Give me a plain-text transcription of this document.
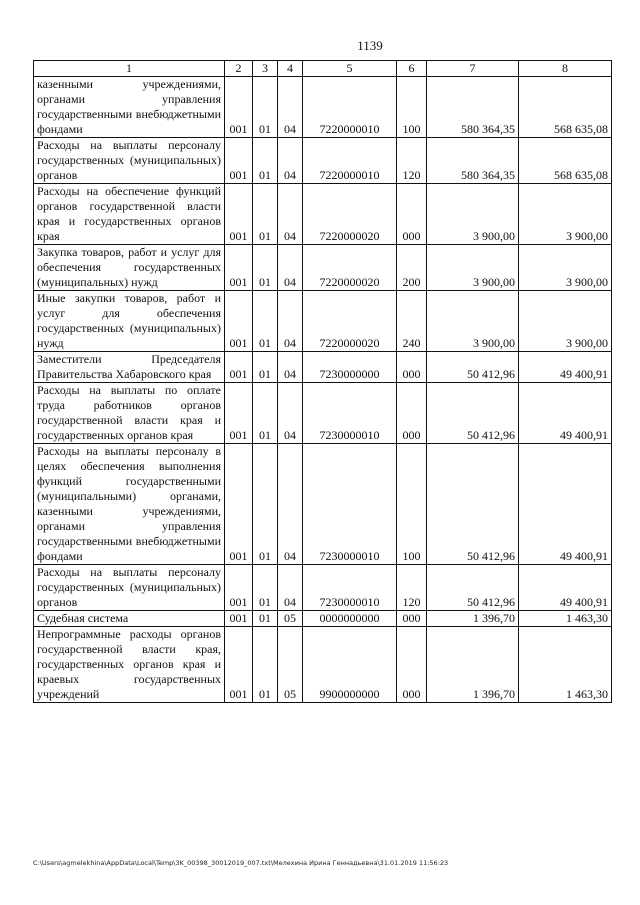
1139
1	2	3	4	5	6	7	8
казенными учреждениями, органами управления государственными внебюджетными фондами	001	01	04	7220000010	100	580 364,35	568 635,08
Расходы на выплаты персоналу государственных (муниципальных) органов	001	01	04	7220000010	120	580 364,35	568 635,08
Расходы на обеспечение функций органов государственной власти края и государственных органов края	001	01	04	7220000020	000	3 900,00	3 900,00
Закупка товаров, работ и услуг для обеспечения государственных (муниципальных) нужд	001	01	04	7220000020	200	3 900,00	3 900,00
Иные закупки товаров, работ и услуг для обеспечения государственных (муниципальных) нужд	001	01	04	7220000020	240	3 900,00	3 900,00
Заместители Председателя Правительства Хабаровского края	001	01	04	7230000000	000	50 412,96	49 400,91
Расходы на выплаты по оплате труда работников органов государственной власти края и государственных органов края	001	01	04	7230000010	000	50 412,96	49 400,91
Расходы на выплаты персоналу в целях обеспечения выполнения функций государственными (муниципальными) органами, казенными учреждениями, органами управления государственными внебюджетными фондами	001	01	04	7230000010	100	50 412,96	49 400,91
Расходы на выплаты персоналу государственных (муниципальных) органов	001	01	04	7230000010	120	50 412,96	49 400,91
Судебная система	001	01	05	0000000000	000	1 396,70	1 463,30
Непрограммные расходы органов государственной власти края, государственных органов края и краевых государственных учреждений	001	01	05	9900000000	000	1 396,70	1 463,30
C:\Users\agmelekhina\AppData\Local\Temp\3K_00398_30012019_007.txt\Мелехина Ирина Геннадьевна\31.01.2019 11:56:23
